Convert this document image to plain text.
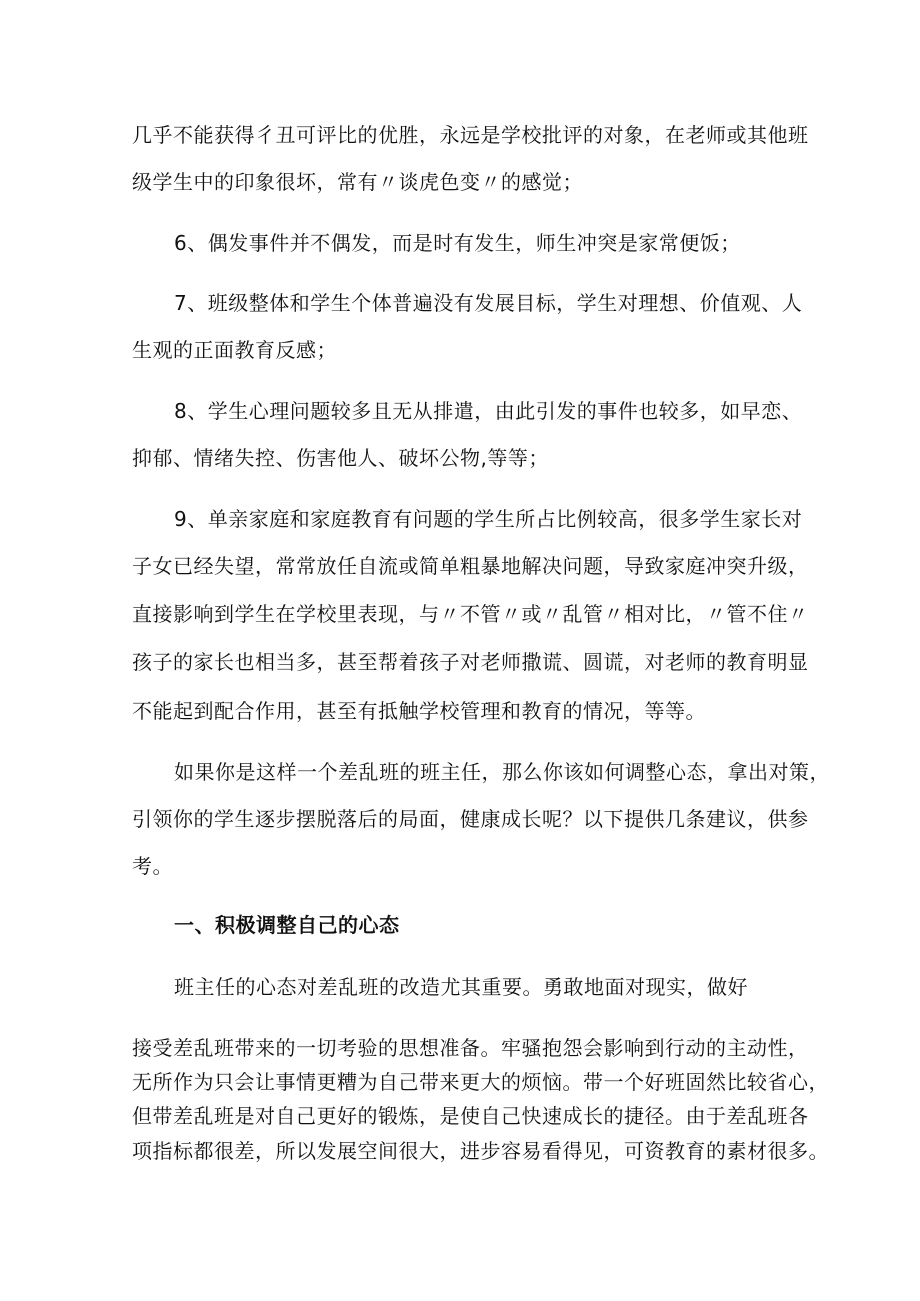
几乎不能获得彳丑可评比的优胜，永远是学校批评的对象，在老师或其他班
级学生中的印象很坏，常有〃谈虎色变〃的感觉；
6、偶发事件并不偶发，而是时有发生，师生冲突是家常便饭；
7、班级整体和学生个体普遍没有发展目标，学生对理想、价值观、人
生观的正面教育反感；
8、学生心理问题较多且无从排遣，由此引发的事件也较多，如早恋、
抑郁、情绪失控、伤害他人、破坏公物,等等；
9、单亲家庭和家庭教育有问题的学生所占比例较高，很多学生家长对
子女已经失望，常常放任自流或简单粗暴地解决问题，导致家庭冲突升级，
直接影响到学生在学校里表现，与〃不管〃或〃乱管〃相对比，〃管不住〃
孩子的家长也相当多，甚至帮着孩子对老师撒谎、圆谎，对老师的教育明显
不能起到配合作用，甚至有抵触学校管理和教育的情况，等等。
如果你是这样一个差乱班的班主任，那么你该如何调整心态，拿出对策，
引领你的学生逐步摆脱落后的局面，健康成长呢？以下提供几条建议，供参
考。
一、积极调整自己的心态
班主任的心态对差乱班的改造尤其重要。勇敢地面对现实，做好
接受差乱班带来的一切考验的思想准备。牢骚抱怨会影响到行动的主动性，
无所作为只会让事情更糟为自己带来更大的烦恼。带一个好班固然比较省心，
但带差乱班是对自己更好的锻炼，是使自己快速成长的捷径。由于差乱班各
项指标都很差，所以发展空间很大，进步容易看得见，可资教育的素材很多。
